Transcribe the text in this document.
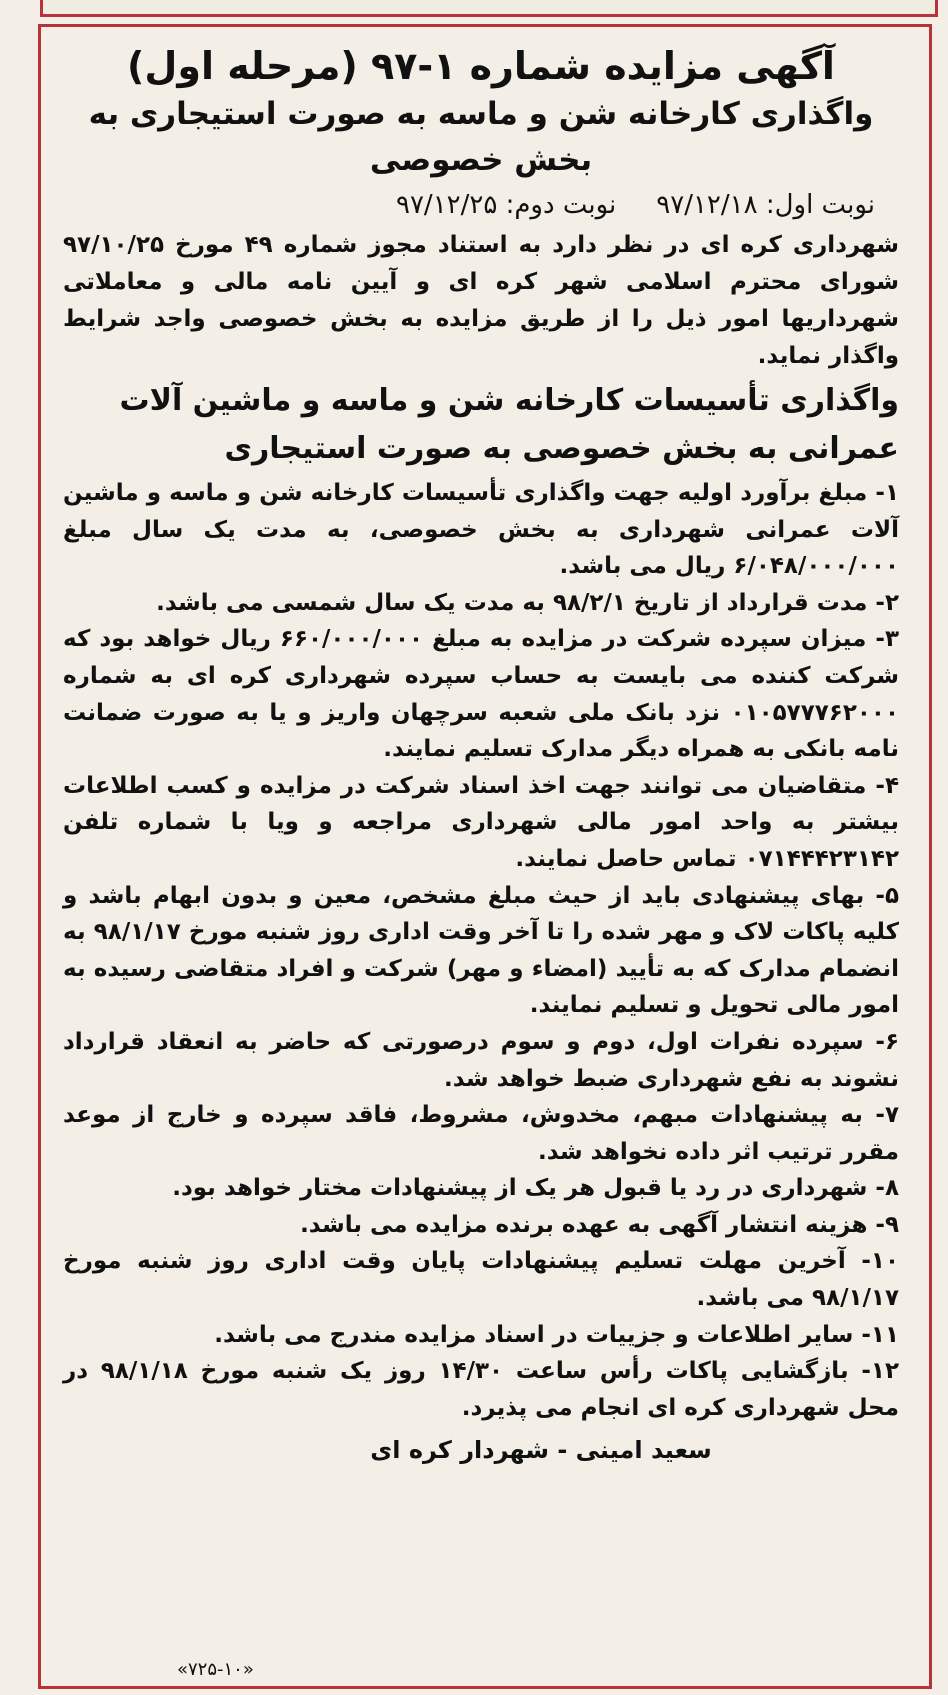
آگهی مزایده شماره ۱-۹۷ (مرحله اول)
واگذاری کارخانه شن و ماسه به صورت استیجاری به بخش خصوصی
نوبت اول: ۹۷/۱۲/۱۸
نوبت دوم: ۹۷/۱۲/۲۵

شهرداری کره ای در نظر دارد به استناد مجوز شماره ۴۹ مورخ ۹۷/۱۰/۲۵ شورای محترم اسلامی شهر کره ای و آیین نامه مالی و معاملاتی شهرداریها امور ذیل را از طریق مزایده به بخش خصوصی واجد شرایط واگذار نماید.

واگذاری تأسیسات کارخانه شن و ماسه و ماشین آلات عمرانی به بخش خصوصی به صورت استیجاری

۱- مبلغ برآورد اولیه جهت واگذاری تأسیسات کارخانه شن و ماسه و ماشین آلات عمرانی شهرداری به بخش خصوصی، به مدت یک سال مبلغ ۶/۰۴۸/۰۰۰/۰۰۰ ریال می باشد.

۲- مدت قرارداد از تاریخ ۹۸/۲/۱ به مدت یک سال شمسی می باشد.

۳- میزان سپرده شرکت در مزایده به مبلغ ۶۶۰/۰۰۰/۰۰۰ ریال خواهد بود که شرکت کننده می بایست به حساب سپرده شهرداری کره ای به شماره ۰۱۰۵۷۷۷۶۲۰۰۰ نزد بانک ملی شعبه سرچهان واریز و یا به صورت ضمانت نامه بانکی به همراه دیگر مدارک تسلیم نمایند.

۴- متقاضیان می توانند جهت اخذ اسناد شرکت در مزایده و کسب اطلاعات بیشتر به واحد امور مالی شهرداری مراجعه و ویا با شماره تلفن ۰۷۱۴۴۴۲۳۱۴۲ تماس حاصل نمایند.

۵- بهای پیشنهادی باید از حیث مبلغ مشخص، معین و بدون ابهام باشد و کلیه پاکات لاک و مهر شده را تا آخر وقت اداری روز شنبه مورخ ۹۸/۱/۱۷ به انضمام مدارک که به تأیید (امضاء و مهر) شرکت و افراد متقاضی رسیده به امور مالی تحویل و تسلیم نمایند.

۶- سپرده نفرات اول، دوم و سوم درصورتی که حاضر به انعقاد قرارداد نشوند به نفع شهرداری ضبط خواهد شد.

۷- به پیشنهادات مبهم، مخدوش، مشروط، فاقد سپرده و خارج از موعد مقرر ترتیب اثر داده نخواهد شد.

۸- شهرداری در رد یا قبول هر یک از پیشنهادات مختار خواهد بود.

۹- هزینه انتشار آگهی به عهده برنده مزایده می باشد.

۱۰- آخرین مهلت تسلیم پیشنهادات پایان وقت اداری روز شنبه مورخ ۹۸/۱/۱۷ می باشد.

۱۱- سایر اطلاعات و جزییات در اسناد مزایده مندرج می باشد.

۱۲- بازگشایی پاکات رأس ساعت ۱۴/۳۰ روز یک شنبه مورخ ۹۸/۱/۱۸ در محل شهرداری کره ای انجام می پذیرد.

سعید امینی - شهردار کره ای
«۷۲۵-۱۰»
